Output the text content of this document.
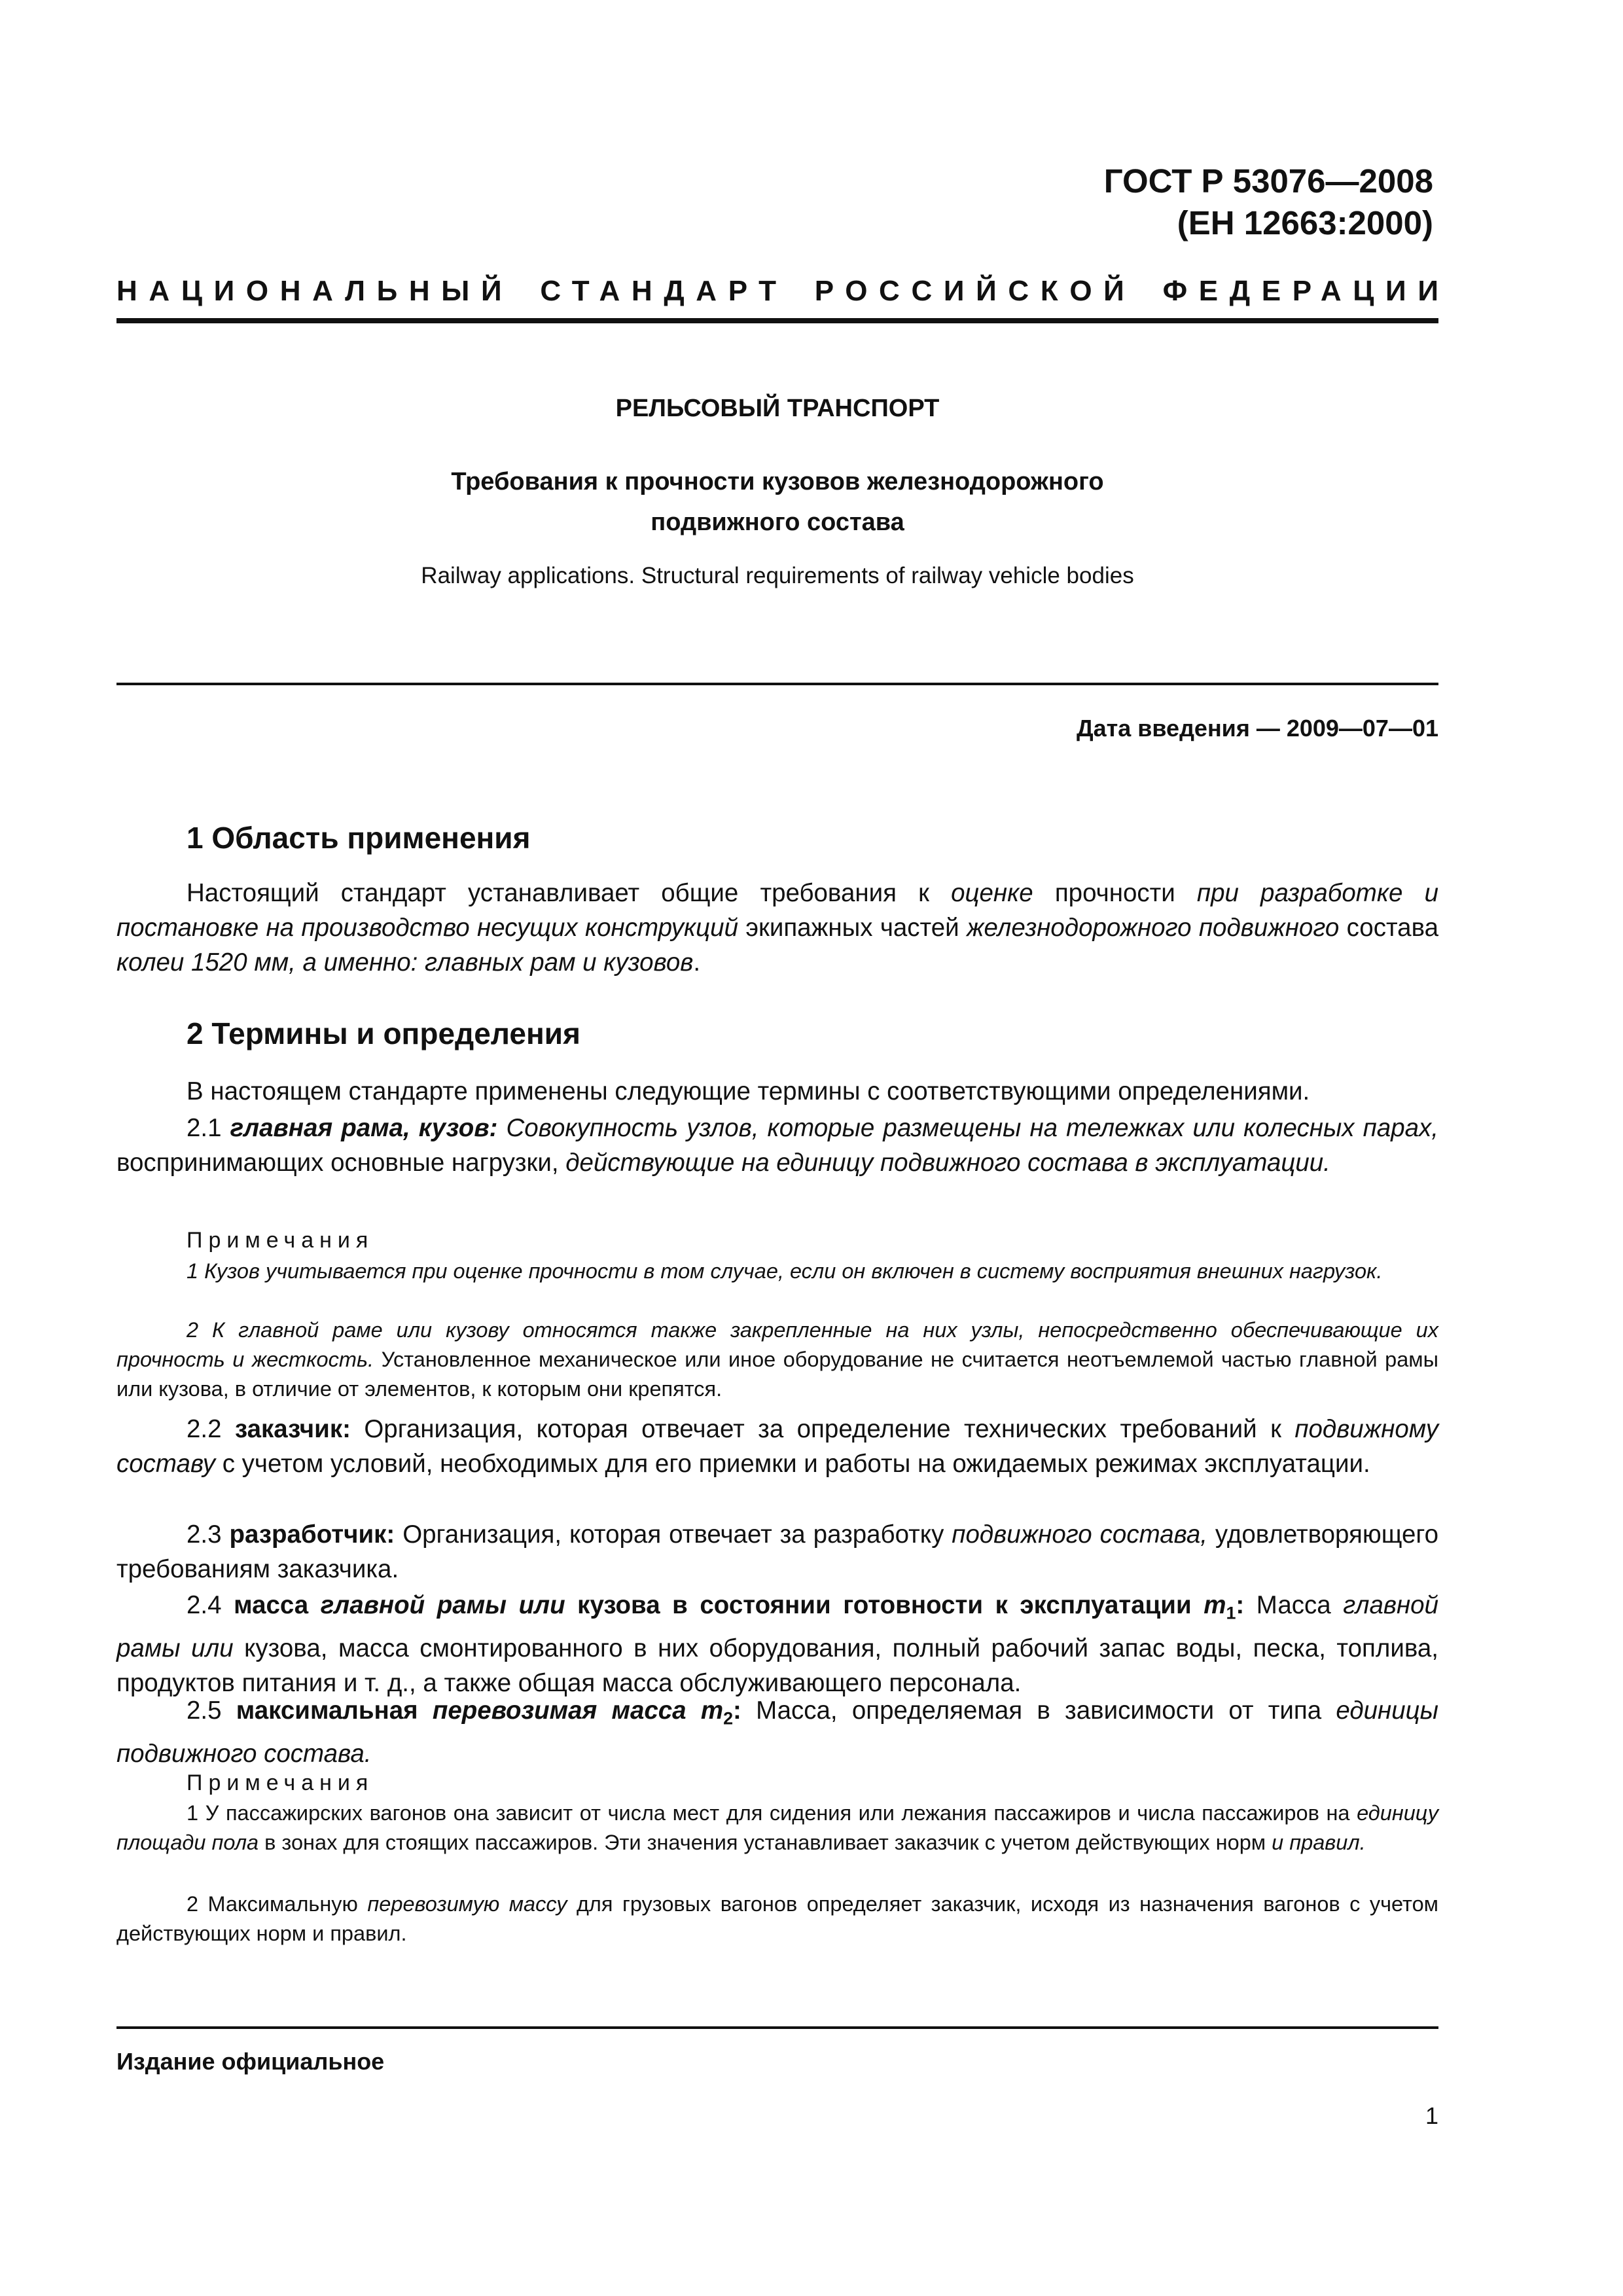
ГОСТ Р 53076—2008
(ЕН 12663:2000)
НАЦИОНАЛЬНЫЙ СТАНДАРТ РОССИЙСКОЙ ФЕДЕРАЦИИ
РЕЛЬСОВЫЙ ТРАНСПОРТ
Требования к прочности кузовов железнодорожного
подвижного состава
Railway applications. Structural requirements of railway vehicle bodies
Дата введения — 2009—07—01
1 Область применения
Настоящий стандарт устанавливает общие требования к оценке прочности при разработке и постановке на производство несущих конструкций экипажных частей железнодорожного подвижного состава колеи 1520 мм, а именно: главных рам и кузовов.
2 Термины и определения
В настоящем стандарте применены следующие термины с соответствующими определениями.
2.1 главная рама, кузов: Совокупность узлов, которые размещены на тележках или колесных парах, воспринимающих основные нагрузки, действующие на единицу подвижного состава в эксплуатации.
Примечания
1 Кузов учитывается при оценке прочности в том случае, если он включен в систему восприятия внешних нагрузок.
2 К главной раме или кузову относятся также закрепленные на них узлы, непосредственно обеспечивающие их прочность и жесткость. Установленное механическое или иное оборудование не считается неотъемлемой частью главной рамы или кузова, в отличие от элементов, к которым они крепятся.
2.2 заказчик: Организация, которая отвечает за определение технических требований к подвижному составу с учетом условий, необходимых для его приемки и работы на ожидаемых режимах эксплуатации.
2.3 разработчик: Организация, которая отвечает за разработку подвижного состава, удовлетворяющего требованиям заказчика.
2.4 масса главной рамы или кузова в состоянии готовности к эксплуатации $m_1$: Масса главной рамы или кузова, масса смонтированного в них оборудования, полный рабочий запас воды, песка, топлива, продуктов питания и т. д., а также общая масса обслуживающего персонала.
2.5 максимальная перевозимая масса $m_2$: Масса, определяемая в зависимости от типа единицы подвижного состава.
Примечания
1 У пассажирских вагонов она зависит от числа мест для сидения или лежания пассажиров и числа пассажиров на единицу площади пола в зонах для стоящих пассажиров. Эти значения устанавливает заказчик с учетом действующих норм и правил.
2 Максимальную перевозимую массу для грузовых вагонов определяет заказчик, исходя из назначения вагонов с учетом действующих норм и правил.
Издание официальное
1
